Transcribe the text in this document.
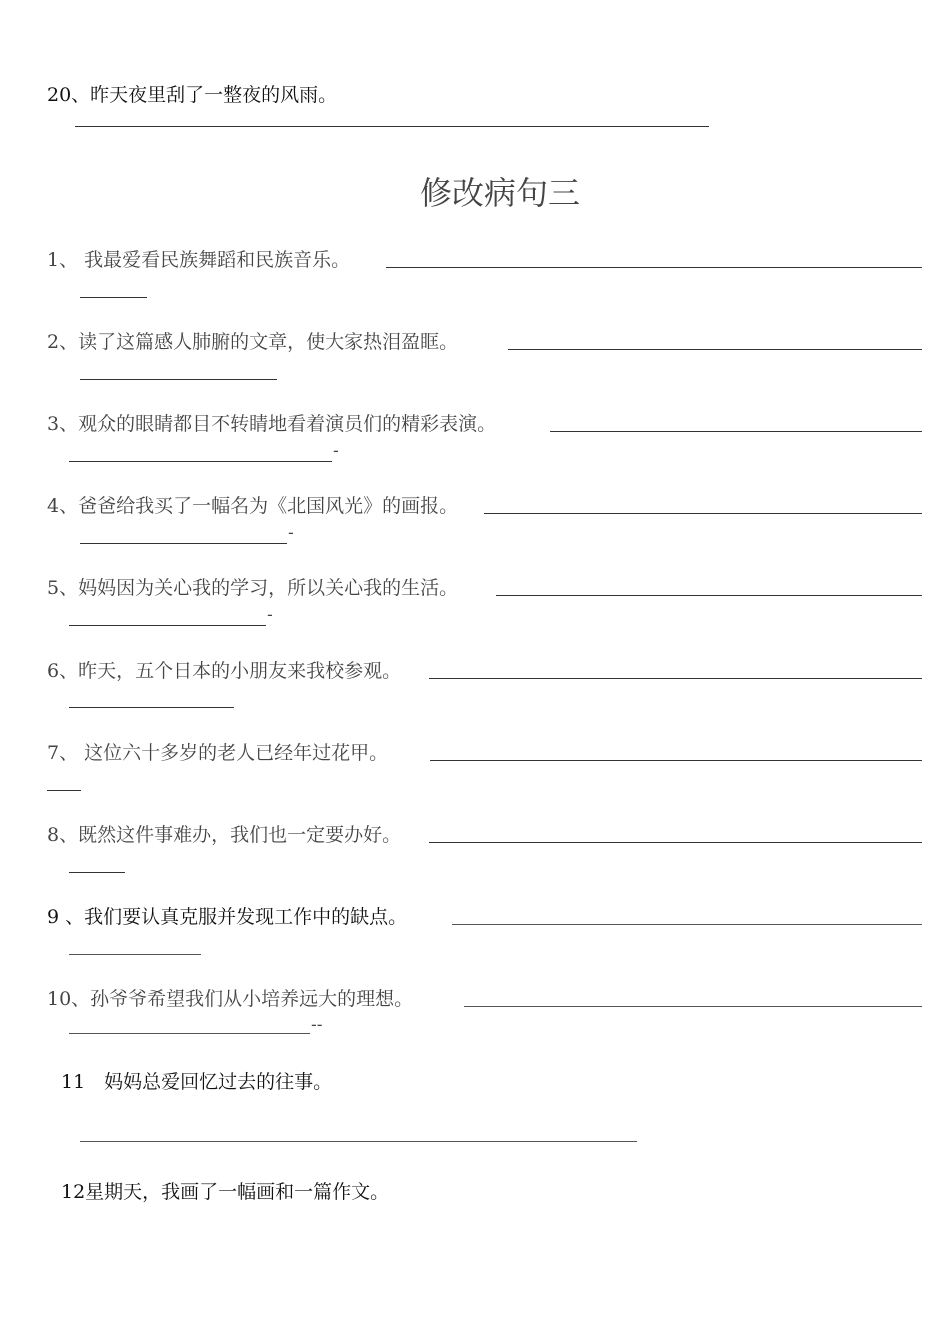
20、昨天夜里刮了一整夜的风雨。
修改病句三
1、 我最爱看民族舞蹈和民族音乐。
2、读了这篇感人肺腑的文章，使大家热泪盈眶。
3、观众的眼睛都目不转睛地看着演员们的精彩表演。
-
4、爸爸给我买了一幅名为《北国风光》的画报。
-
5、妈妈因为关心我的学习，所以关心我的生活。
-
6、昨天，五个日本的小朋友来我校参观。
7、 这位六十多岁的老人已经年过花甲。
8、既然这件事难办，我们也一定要办好。
9 、我们要认真克服并发现工作中的缺点。
10、孙爷爷希望我们从小培养远大的理想。
--
11　妈妈总爱回忆过去的往事。
12星期天，我画了一幅画和一篇作文。
